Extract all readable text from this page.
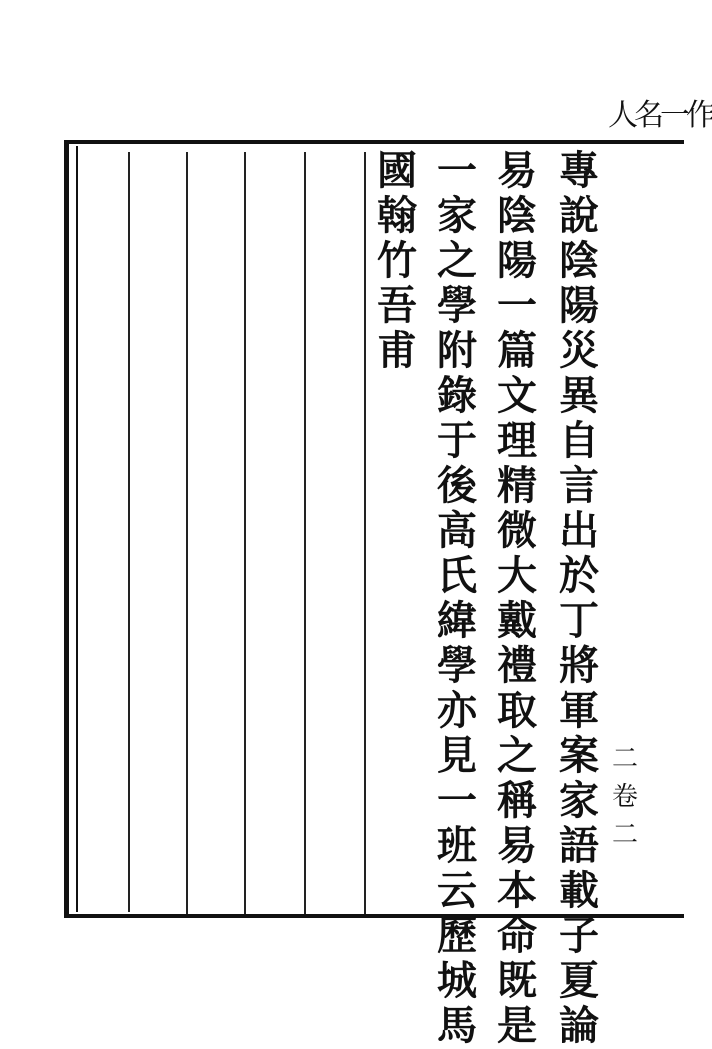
人名一作
專
說
陰
陽
災
異
自
言
出
於
丁
將
軍
案
家
語
載
子
夏
論
易
陰
陽
一
篇
文
理
精
微
大
戴
禮
取
之
稱
易
本
命
既
是
一
家
之
學
附
錄
于
後
高
氏
緯
學
亦
見
一
班
云
歷
城
馬
國
翰
竹
吾
甫
二
卷
二
